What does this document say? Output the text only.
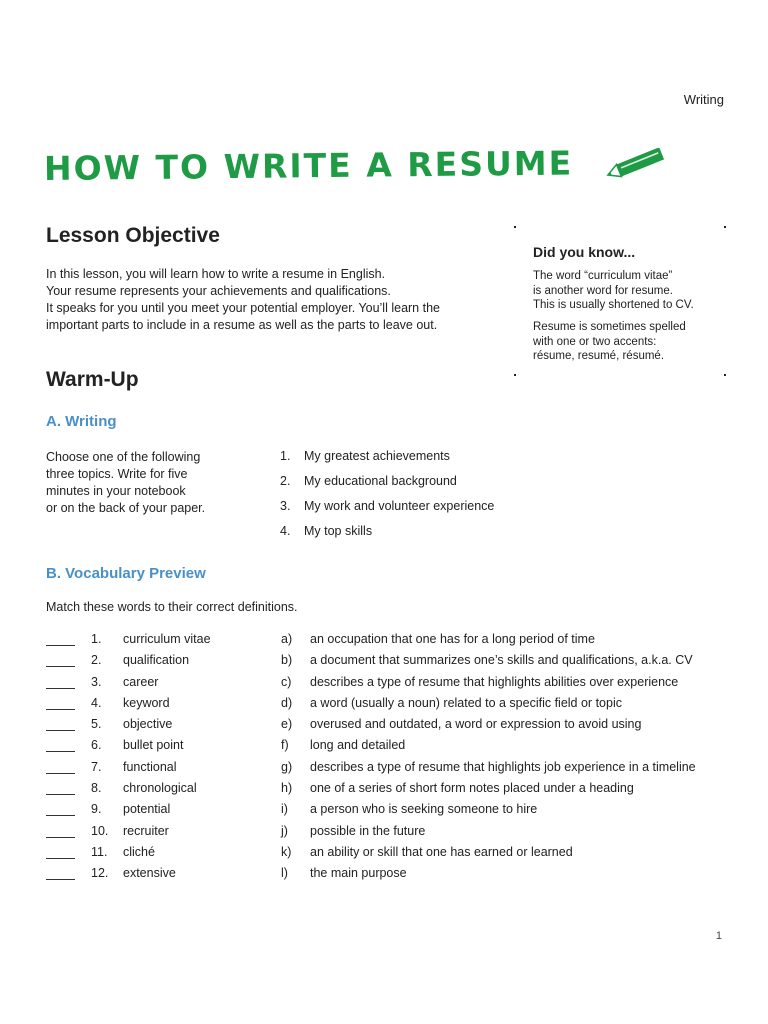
Writing
HOW TO WRITE A RESUME
Lesson Objective
In this lesson, you will learn how to write a resume in English.
Your resume represents your achievements and qualifications.
It speaks for you until you meet your potential employer. You’ll learn the
important parts to include in a resume as well as the parts to leave out.
Did you know...
The word “curriculum vitae”
is another word for resume.
This is usually shortened to CV.
Resume is sometimes spelled
with one or two accents:
résume, resumé, résumé.
Warm-Up
A. Writing
Choose one of the following
three topics. Write for five
minutes in your notebook
or on the back of your paper.
1. My greatest achievements
2. My educational background
3. My work and volunteer experience
4. My top skills
B. Vocabulary Preview
Match these words to their correct definitions.
1. curriculum vitae	a) an occupation that one has for a long period of time
2. qualification	b) a document that summarizes one’s skills and qualifications, a.k.a. CV
3. career	c) describes a type of resume that highlights abilities over experience
4. keyword	d) a word (usually a noun) related to a specific field or topic
5. objective	e) overused and outdated, a word or expression to avoid using
6. bullet point	f) long and detailed
7. functional	g) describes a type of resume that highlights job experience in a timeline
8. chronological	h) one of a series of short form notes placed under a heading
9. potential	i) a person who is seeking someone to hire
10. recruiter	j) possible in the future
11. cliché	k) an ability or skill that one has earned or learned
12. extensive	l) the main purpose
1
